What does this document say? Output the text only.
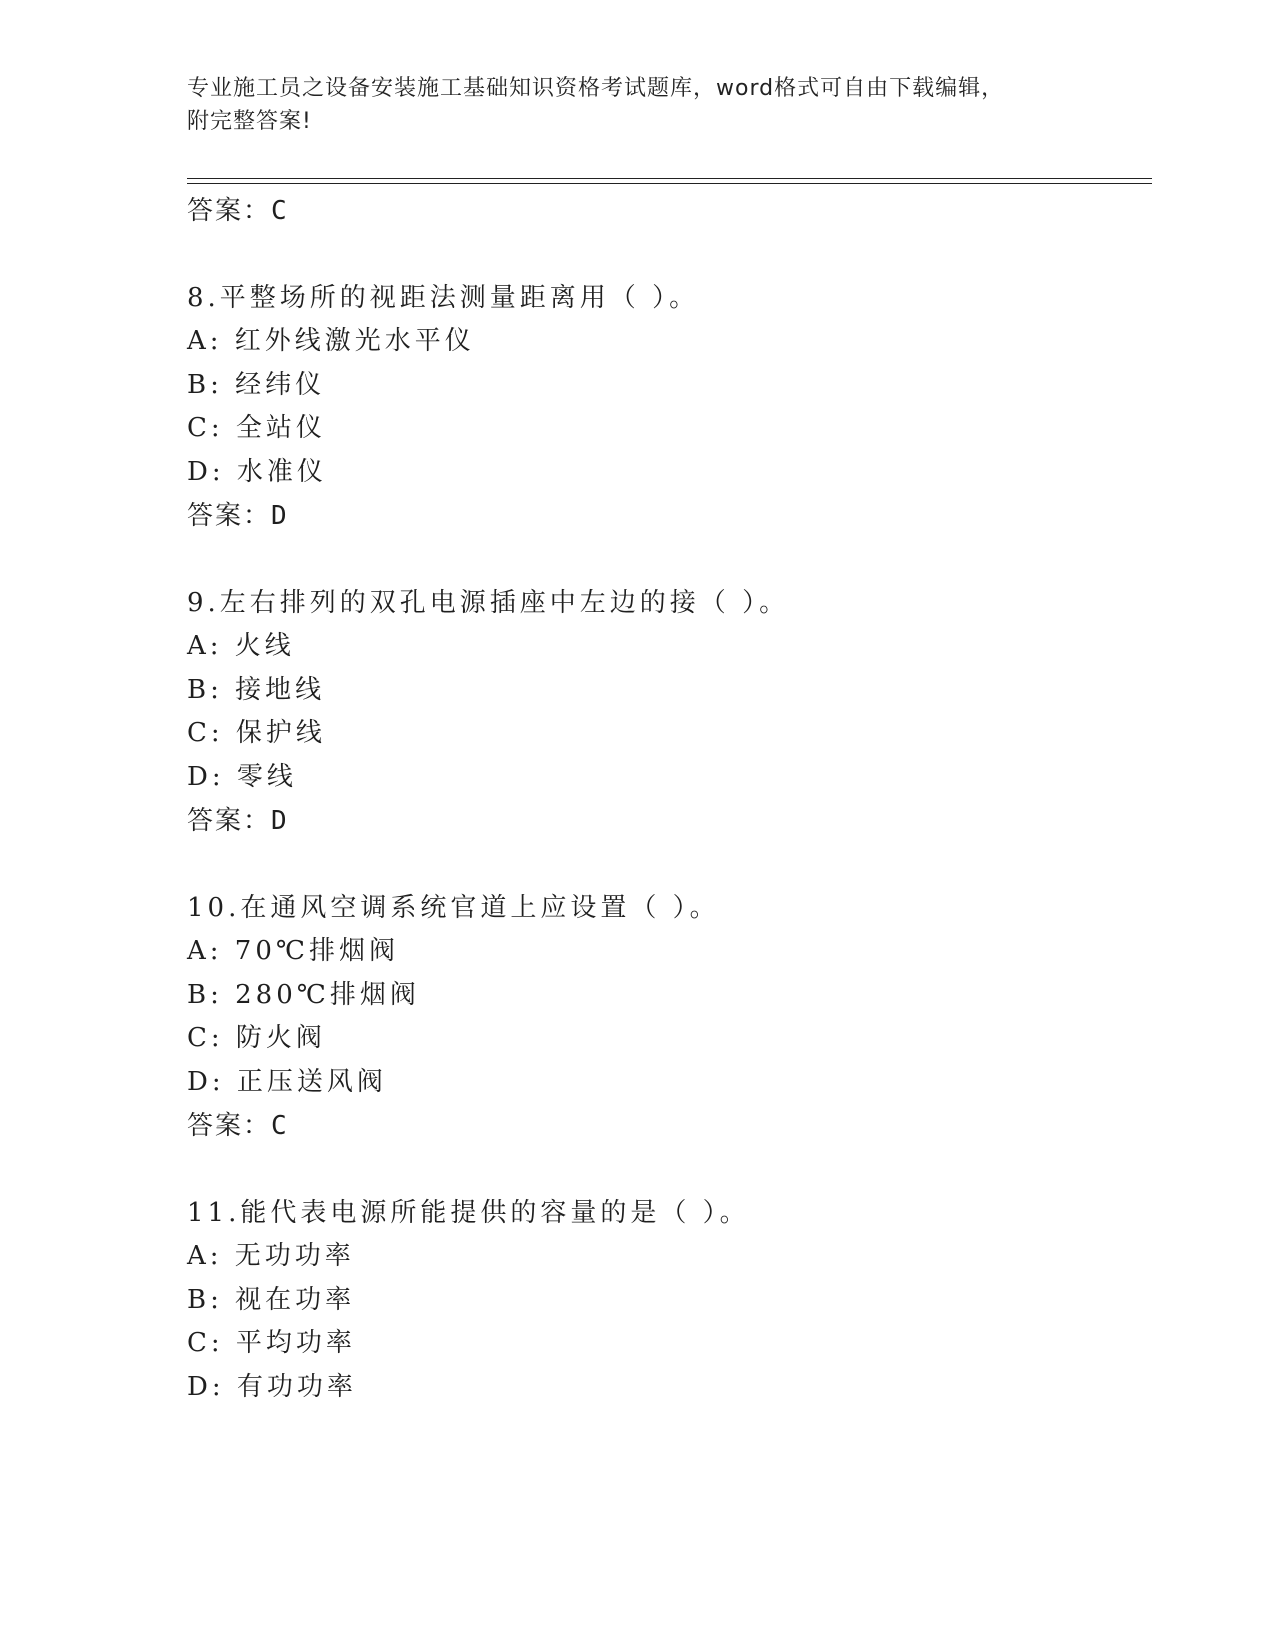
专业施工员之设备安装施工基础知识资格考试题库，word格式可自由下载编辑，
附完整答案!
答案：C
8.平整场所的视距法测量距离用（ ）。
A: 红外线激光水平仪
B: 经纬仪
C: 全站仪
D: 水准仪
答案：D
9.左右排列的双孔电源插座中左边的接（ ）。
A: 火线
B: 接地线
C: 保护线
D: 零线
答案：D
10.在通风空调系统官道上应设置（ ）。
A: 70℃排烟阀
B: 280℃排烟阀
C: 防火阀
D: 正压送风阀
答案：C
11.能代表电源所能提供的容量的是（ ）。
A: 无功功率
B: 视在功率
C: 平均功率
D: 有功功率
